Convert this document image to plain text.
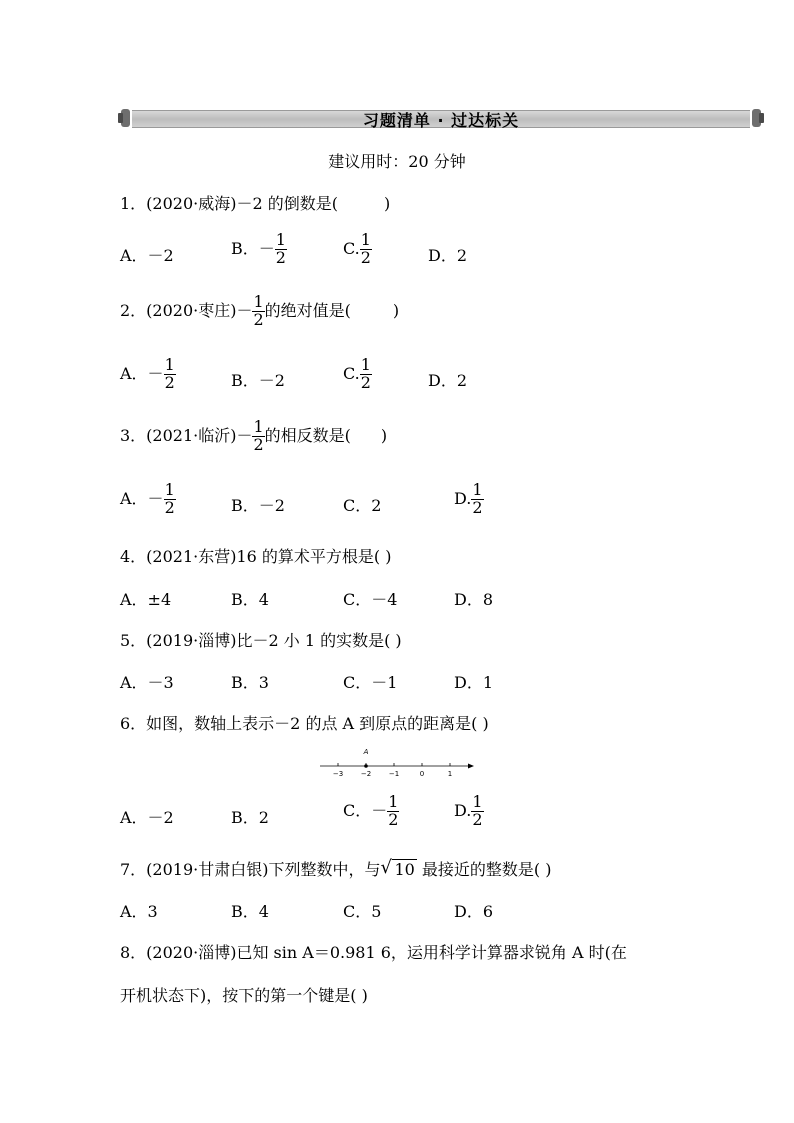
习题清单 · 过达标关
建议用时：20 分钟
1．(2020·威海)－2 的倒数是(	)
A．－2	B．－ $\frac{1}{2}$	C. $\frac{1}{2}$	D．2
2．(2020·枣庄)－ $\frac{1}{2}$ 的绝对值是(	)
A．－ $\frac{1}{2}$	B．－2	C. $\frac{1}{2}$	D．2
3．(2021·临沂)－ $\frac{1}{2}$ 的相反数是( )
A．－ $\frac{1}{2}$	B．－2	C．2	D. $\frac{1}{2}$
4．(2021·东营)16 的算术平方根是( )
A．±4	B．4	C．－4	D．8
5．(2019·淄博)比－2 小 1 的实数是( )
A．－3	B．3	C．－1	D．1
6．如图，数轴上表示－2 的点 A 到原点的距离是( )
−3	−2	−1	0	1
A
A．－2	B．2	C．－ $\frac{1}{2}$	D. $\frac{1}{2}$
7．(2019·甘肃白银)下列整数中，与 √ 10 最接近的整数是( )
A．3	B．4	C．5	D．6
8．(2020·淄博)已知 sin A＝0.981 6，运用科学计算器求锐角 A 时(在
开机状态下)，按下的第一个键是( )
